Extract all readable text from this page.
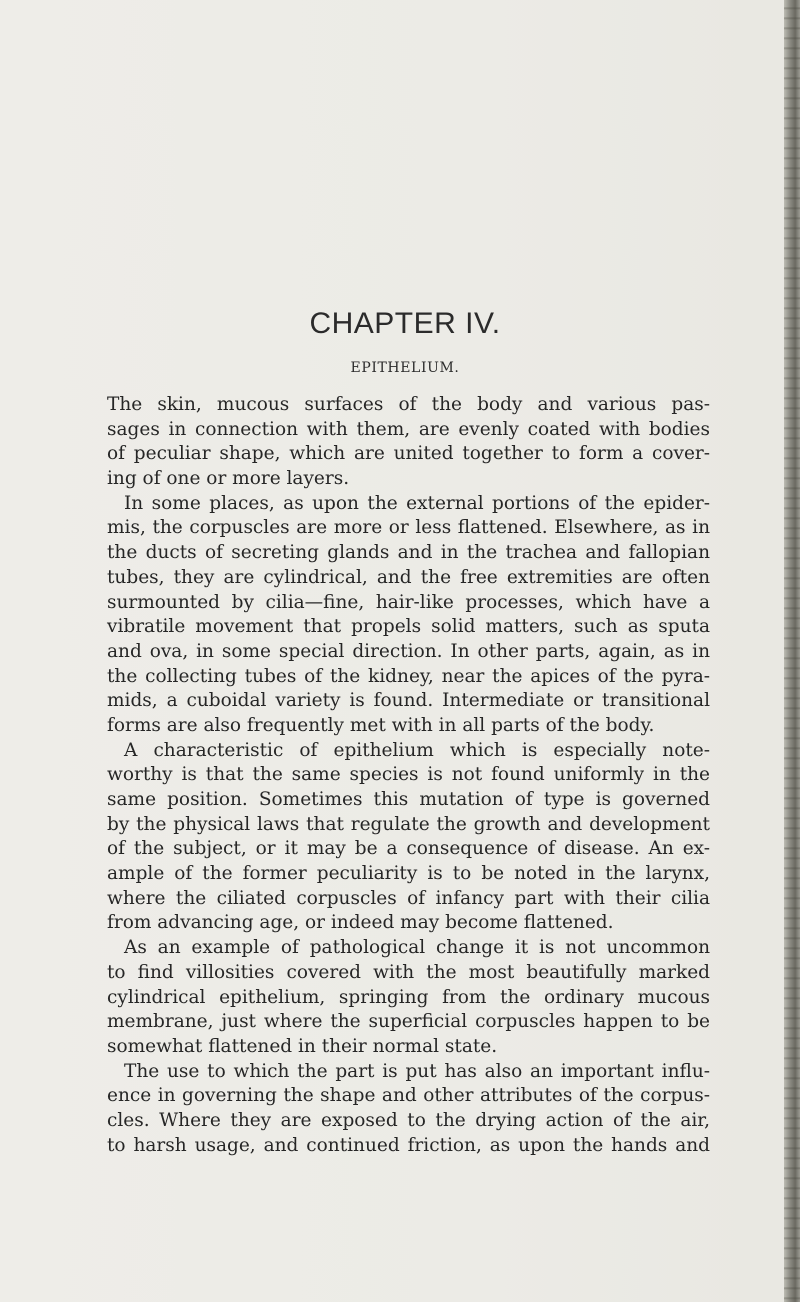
CHAPTER IV.
EPITHELIUM.
The skin, mucous surfaces of the body and various pas-
sages in connection with them, are evenly coated with bodies
of peculiar shape, which are united together to form a cover-
ing of one or more layers.
In some places, as upon the external portions of the epider-
mis, the corpuscles are more or less flattened. Elsewhere, as in
the ducts of secreting glands and in the trachea and fallopian
tubes, they are cylindrical, and the free extremities are often
surmounted by cilia—fine, hair-like processes, which have a
vibratile movement that propels solid matters, such as sputa
and ova, in some special direction. In other parts, again, as in
the collecting tubes of the kidney, near the apices of the pyra-
mids, a cuboidal variety is found. Intermediate or transitional
forms are also frequently met with in all parts of the body.
A characteristic of epithelium which is especially note-
worthy is that the same species is not found uniformly in the
same position. Sometimes this mutation of type is governed
by the physical laws that regulate the growth and development
of the subject, or it may be a consequence of disease. An ex-
ample of the former peculiarity is to be noted in the larynx,
where the ciliated corpuscles of infancy part with their cilia
from advancing age, or indeed may become flattened.
As an example of pathological change it is not uncommon
to find villosities covered with the most beautifully marked
cylindrical epithelium, springing from the ordinary mucous
membrane, just where the superficial corpuscles happen to be
somewhat flattened in their normal state.
The use to which the part is put has also an important influ-
ence in governing the shape and other attributes of the corpus-
cles. Where they are exposed to the drying action of the air,
to harsh usage, and continued friction, as upon the hands and
